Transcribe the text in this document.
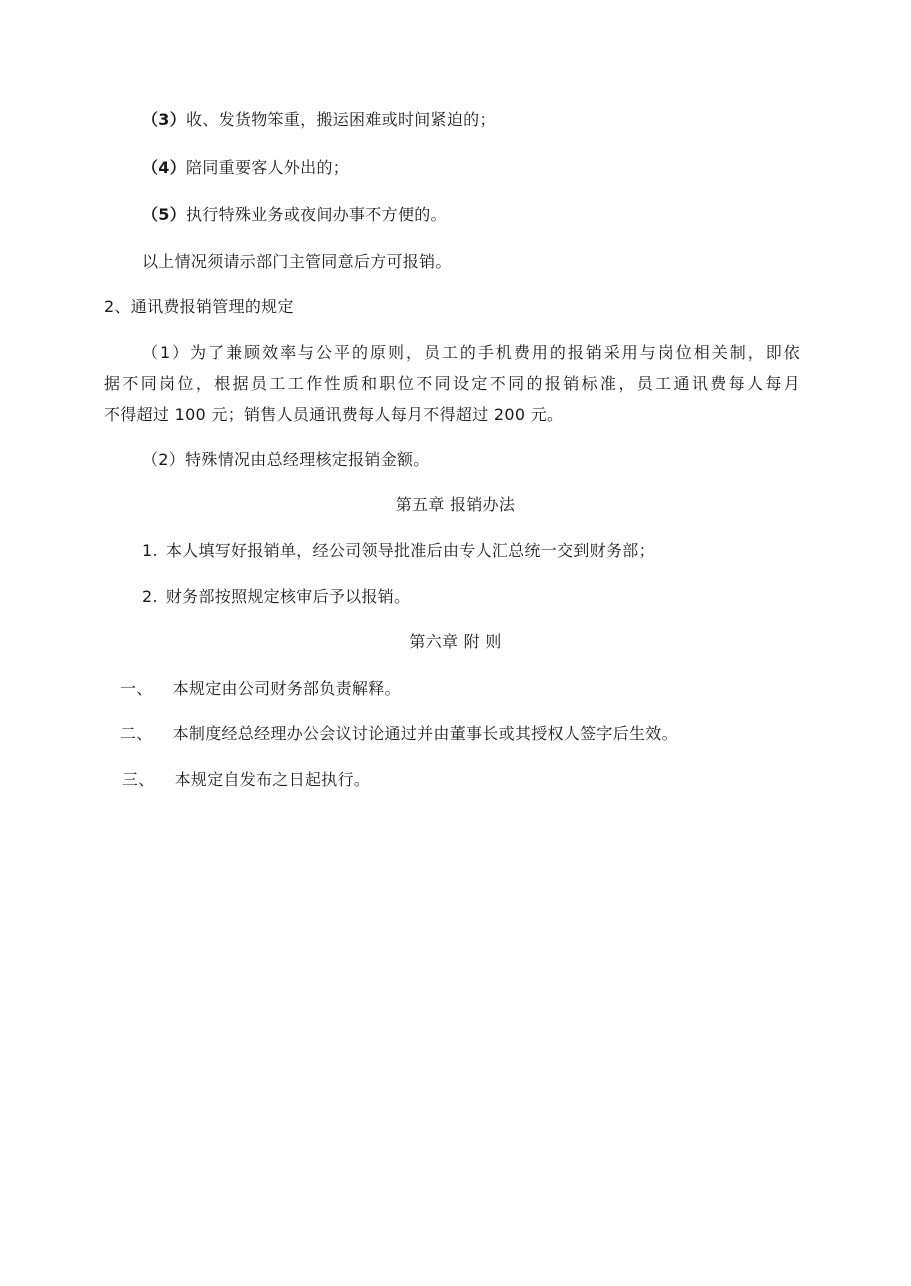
（3）收、发货物笨重，搬运困难或时间紧迫的；
（4）陪同重要客人外出的；
（5）执行特殊业务或夜间办事不方便的。
以上情况须请示部门主管同意后方可报销。
2、通讯费报销管理的规定
（1）为了兼顾效率与公平的原则，员工的手机费用的报销采用与岗位相关制，即依
据不同岗位，根据员工工作性质和职位不同设定不同的报销标准，员工通讯费每人每月
不得超过 100 元；销售人员通讯费每人每月不得超过 200 元。
（2）特殊情况由总经理核定报销金额。
第五章 报销办法
1. 本人填写好报销单，经公司领导批准后由专人汇总统一交到财务部；
2. 财务部按照规定核审后予以报销。
第六章 附 则
一、 本规定由公司财务部负责解释。
二、 本制度经总经理办公会议讨论通过并由董事长或其授权人签字后生效。
三、 本规定自发布之日起执行。
